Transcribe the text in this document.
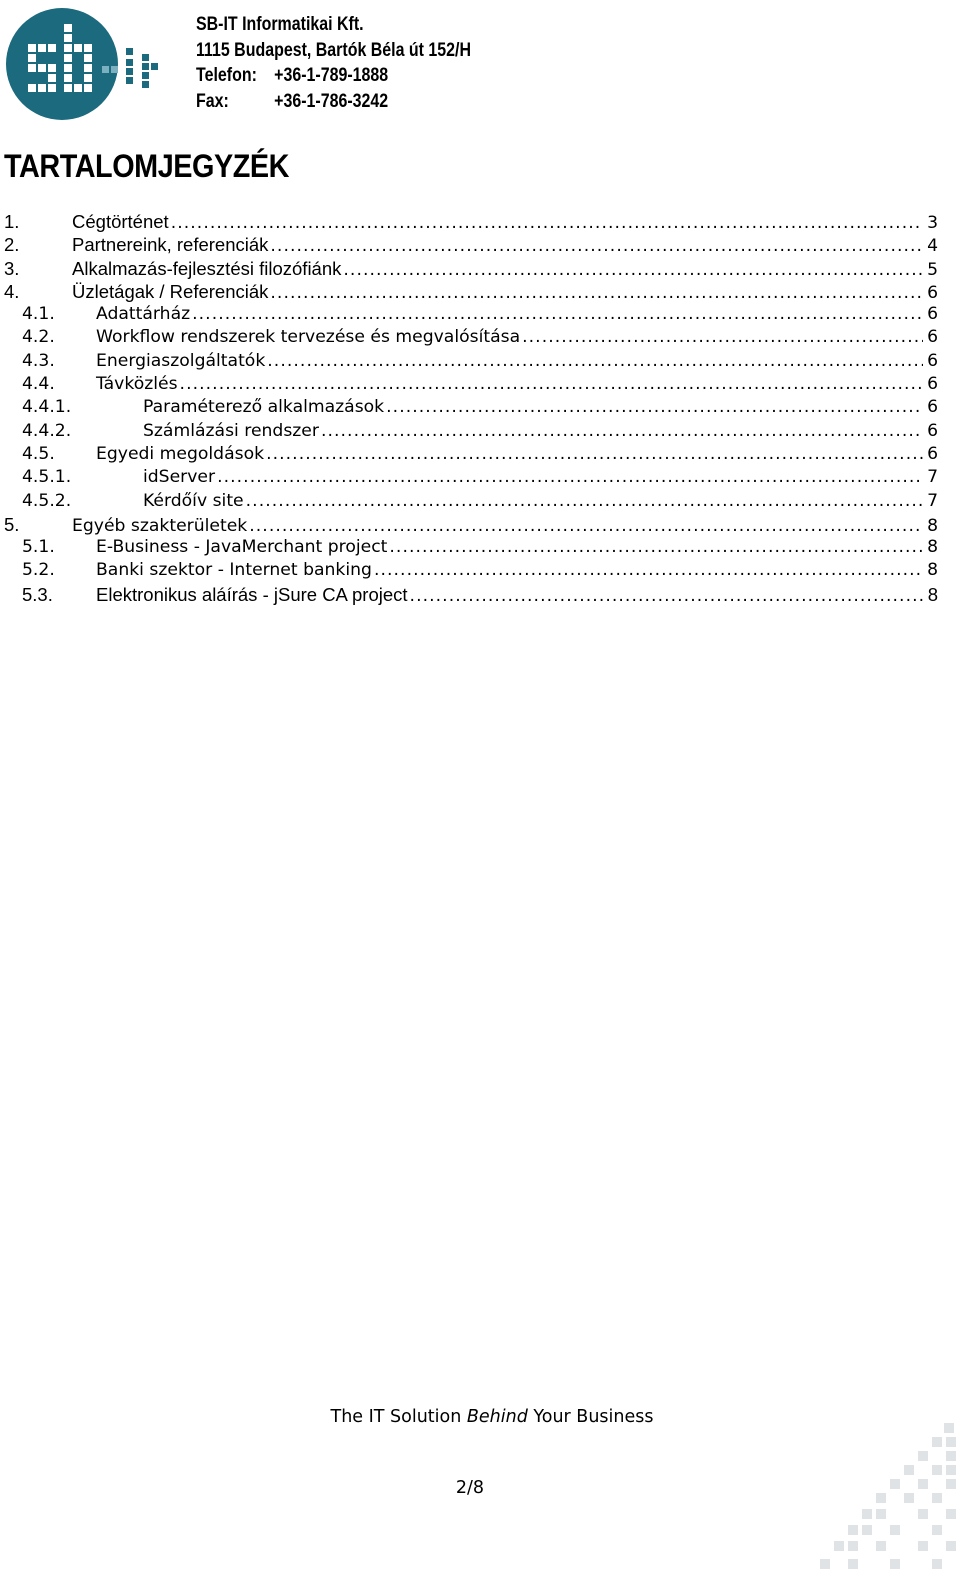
SB-IT Informatikai Kft.
1115 Budapest, Bartók Béla út 152/H
Telefon: +36-1-789-1888
Fax: +36-1-786-3242
TARTALOMJEGYZÉK
1.	Cégtörténet . . .	3
2.	Partnereink, referenciák . . .	4
3.	Alkalmazás-fejlesztési filozófiánk . . .	5
4.	Üzletágak / Referenciák . . .	6
4.1.	Adattárház . . .	6
4.2.	Workflow rendszerek tervezése és megvalósítása . . .	6
4.3.	Energiaszolgáltatók . . .	6
4.4.	Távközlés . . .	6
4.4.1.	Paraméterező alkalmazások . . .	6
4.4.2.	Számlázási rendszer . . .	6
4.5.	Egyedi megoldások . . .	6
4.5.1.	idServer . . .	7
4.5.2.	Kérdőív site . . .	7
5.	Egyéb szakterületek . . .	8
5.1.	E-Business - JavaMerchant project . . .	8
5.2.	Banki szektor - Internet banking . . .	8
5.3.	Elektronikus aláírás - jSure CA project . . .	8
The IT Solution Behind Your Business
2/8
